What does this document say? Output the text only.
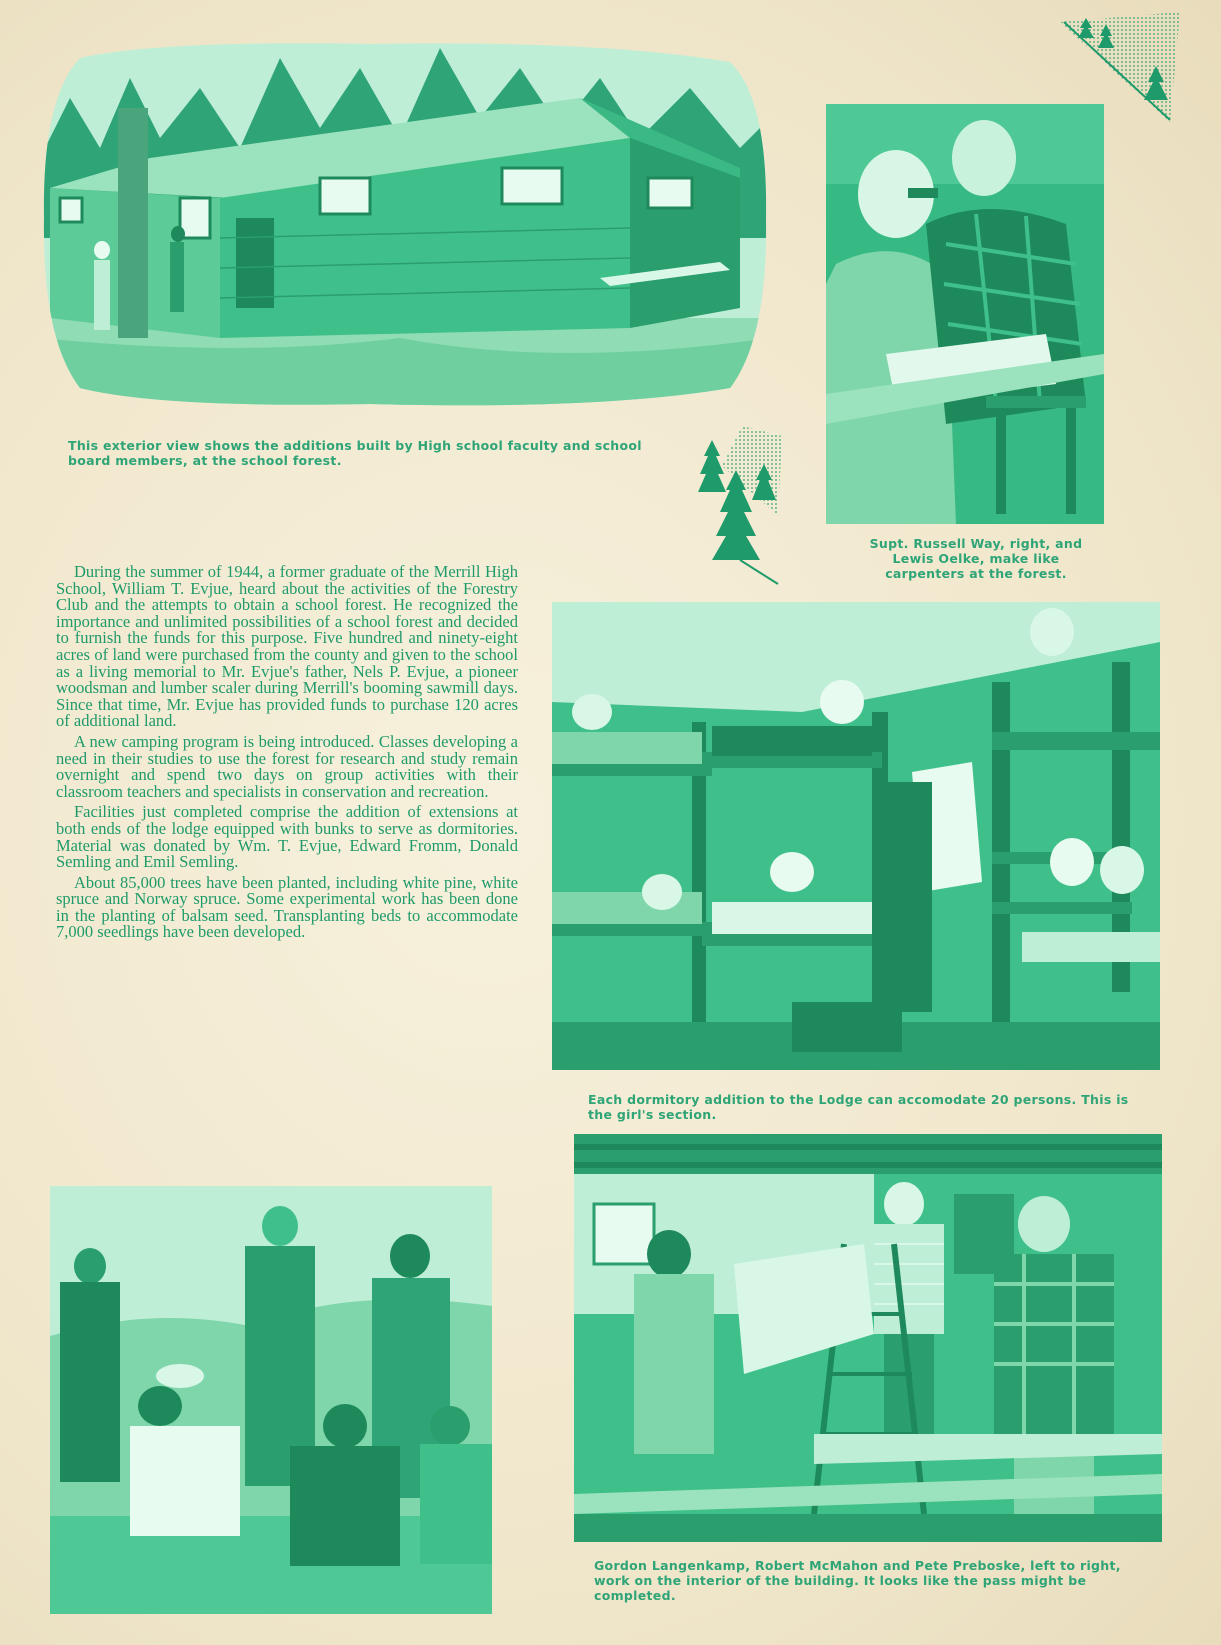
This exterior view shows the additions built by High school faculty and school board members, at the school forest.
Supt. Russell Way, right, and Lewis Oelke, make like carpenters at the forest.

During the summer of 1944, a former graduate of the Merrill High School, William T. Evjue, heard about the activities of the Forestry Club and the attempts to obtain a school forest. He recognized the importance and unlimited possibilities of a school forest and decided to furnish the funds for this purpose. Five hundred and ninety-eight acres of land were purchased from the county and given to the school as a living memorial to Mr. Evjue's father, Nels P. Evjue, a pioneer woodsman and lumber scaler during Merrill's booming sawmill days. Since that time, Mr. Evjue has provided funds to purchase 120 acres of additional land.

A new camping program is being introduced. Classes developing a need in their studies to use the forest for research and study remain overnight and spend two days on group activities with their classroom teachers and specialists in conservation and recreation.

Facilities just completed comprise the addition of extensions at both ends of the lodge equipped with bunks to serve as dormitories. Material was donated by Wm. T. Evjue, Edward Fromm, Donald Semling and Emil Semling.

About 85,000 trees have been planted, including white pine, white spruce and Norway spruce. Some experimental work has been done in the planting of balsam seed. Transplanting beds to accommodate 7,000 seedlings have been developed.

Each dormitory addition to the Lodge can accomodate 20 persons. This is the girl's section.
Gordon Langenkamp, Robert McMahon and Pete Preboske, left to right, work on the interior of the building. It looks like the pass might be completed.
